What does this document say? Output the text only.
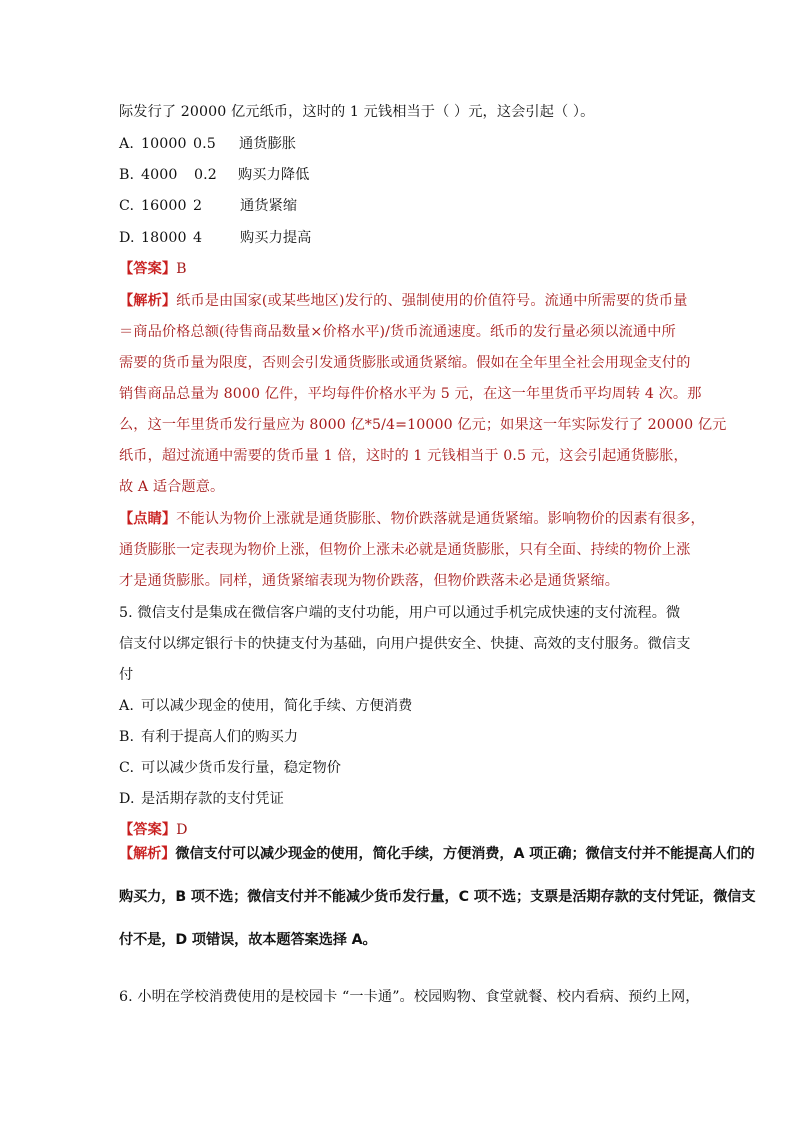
际发行了 20000 亿元纸币，这时的 1 元钱相当于（ ）元，这会引起（ ）。
A. 10000 0.5 通货膨胀
B. 4000 0.2 购买力降低
C. 16000 2	通货紧缩
D. 18000 4	购买力提高
【答案】B
【解析】纸币是由国家(或某些地区)发行的、强制使用的价值符号。流通中所需要的货币量
＝商品价格总额(待售商品数量×价格水平)/货币流通速度。纸币的发行量必须以流通中所
需要的货币量为限度，否则会引发通货膨胀或通货紧缩。假如在全年里全社会用现金支付的
销售商品总量为 8000 亿件，平均每件价格水平为 5 元，在这一年里货币平均周转 4 次。那
么，这一年里货币发行量应为 8000 亿*5/4=10000 亿元；如果这一年实际发行了 20000 亿元
纸币，超过流通中需要的货币量 1 倍，这时的 1 元钱相当于 0.5 元，这会引起通货膨胀，
故 A 适合题意。
【点睛】不能认为物价上涨就是通货膨胀、物价跌落就是通货紧缩。影响物价的因素有很多，
通货膨胀一定表现为物价上涨，但物价上涨未必就是通货膨胀，只有全面、持续的物价上涨
才是通货膨胀。同样，通货紧缩表现为物价跌落，但物价跌落未必是通货紧缩。
5. 微信支付是集成在微信客户端的支付功能，用户可以通过手机完成快速的支付流程。微
信支付以绑定银行卡的快捷支付为基础，向用户提供安全、快捷、高效的支付服务。微信支
付
A. 可以减少现金的使用，简化手续、方便消费
B. 有利于提高人们的购买力
C. 可以减少货币发行量，稳定物价
D. 是活期存款的支付凭证
【答案】D
【解析】微信支付可以减少现金的使用，简化手续，方便消费，A 项正确；微信支付并不能提高人们的
购买力，B 项不选；微信支付并不能减少货币发行量，C 项不选；支票是活期存款的支付凭证，微信支
付不是，D 项错误，故本题答案选择 A。
6. 小明在学校消费使用的是校园卡 “一卡通”。校园购物、食堂就餐、校内看病、预约上网，
